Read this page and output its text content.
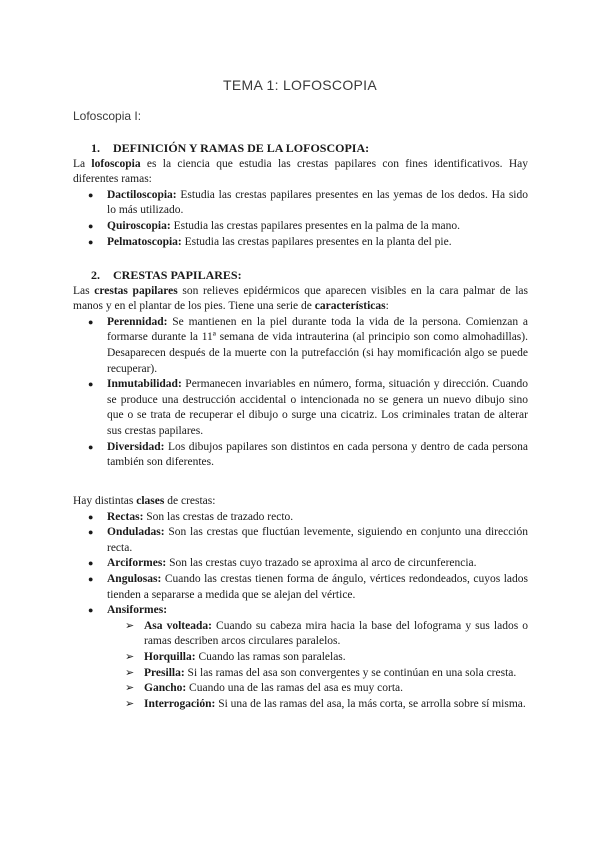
TEMA 1: LOFOSCOPIA
Lofoscopia I:
1. DEFINICIÓN Y RAMAS DE LA LOFOSCOPIA:

La lofoscopia es la ciencia que estudia las crestas papilares con fines identificativos. Hay diferentes ramas:

● Dactiloscopia: Estudia las crestas papilares presentes en las yemas de los dedos. Ha sido lo más utilizado.
● Quiroscopia: Estudia las crestas papilares presentes en la palma de la mano.
● Pelmatoscopia: Estudia las crestas papilares presentes en la planta del pie.
2. CRESTAS PAPILARES:

Las crestas papilares son relieves epidérmicos que aparecen visibles en la cara palmar de las manos y en el plantar de los pies. Tiene una serie de características:

● Perennidad: Se mantienen en la piel durante toda la vida de la persona. Comienzan a formarse durante la 11ª semana de vida intrauterina (al principio son como almohadillas). Desaparecen después de la muerte con la putrefacción (si hay momificación algo se puede recuperar).
● Inmutabilidad: Permanecen invariables en número, forma, situación y dirección. Cuando se produce una destrucción accidental o intencionada no se genera un nuevo dibujo sino que o se trata de recuperar el dibujo o surge una cicatriz. Los criminales tratan de alterar sus crestas papilares.
● Diversidad: Los dibujos papilares son distintos en cada persona y dentro de cada persona también son diferentes.

Hay distintas clases de crestas:

● Rectas: Son las crestas de trazado recto.
● Onduladas: Son las crestas que fluctúan levemente, siguiendo en conjunto una dirección recta.
● Arciformes: Son las crestas cuyo trazado se aproxima al arco de circunferencia.
● Angulosas: Cuando las crestas tienen forma de ángulo, vértices redondeados, cuyos lados tienden a separarse a medida que se alejan del vértice.
● Ansiformes:
➢ Asa volteada: Cuando su cabeza mira hacia la base del lofograma y sus lados o ramas describen arcos circulares paralelos.
➢ Horquilla: Cuando las ramas son paralelas.
➢ Presilla: Si las ramas del asa son convergentes y se continúan en una sola cresta.
➢ Gancho: Cuando una de las ramas del asa es muy corta.
➢ Interrogación: Si una de las ramas del asa, la más corta, se arrolla sobre sí misma.
